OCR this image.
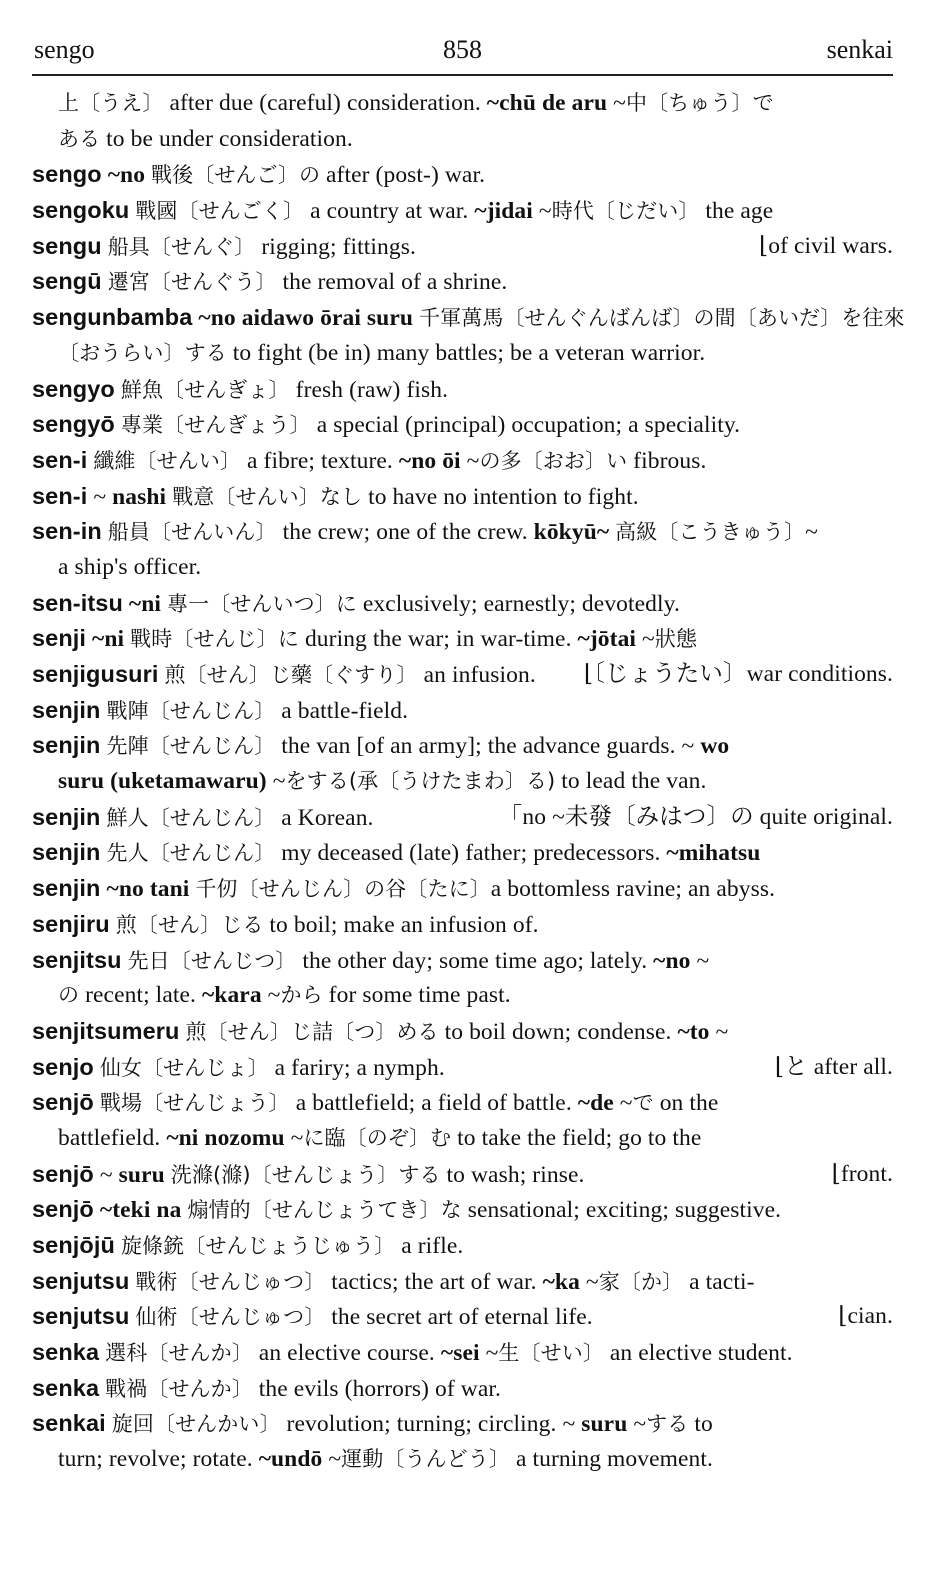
sengo	858	senkai
上〔うえ〕 after due (careful) consideration. ~chū de aru ~中〔ちゅう〕で
ある to be under consideration.
sengo ~no 戰後〔せんご〕の after (post-) war.
sengoku 戰國〔せんごく〕 a country at war. ~jidai ~時代〔じだい〕 the age
sengu 船具〔せんぐ〕 rigging; fittings.	⌊of civil wars.
sengū 遷宮〔せんぐう〕 the removal of a shrine.
sengunbamba ~no aidawo ōrai suru 千軍萬馬〔せんぐんばんば〕の間〔あいだ〕を往來
〔おうらい〕する to fight (be in) many battles; be a veteran warrior.
sengyo 鮮魚〔せんぎょ〕 fresh (raw) fish.
sengyō 專業〔せんぎょう〕 a special (principal) occupation; a speciality.
sen-i 纖維〔せんい〕 a fibre; texture. ~no ōi ~の多〔おお〕い fibrous.
sen-i ~ nashi 戰意〔せんい〕なし to have no intention to fight.
sen-in 船員〔せんいん〕 the crew; one of the crew. kōkyū~ 高級〔こうきゅう〕~
a ship's officer.
sen-itsu ~ni 專一〔せんいつ〕に exclusively; earnestly; devotedly.
senji ~ni 戰時〔せんじ〕に during the war; in war-time. ~jōtai ~狀態
senjigusuri 煎〔せん〕じ藥〔ぐすり〕 an infusion. ⌊〔じょうたい〕war conditions.
senjin 戰陣〔せんじん〕 a battle-field.
senjin 先陣〔せんじん〕 the van [of an army]; the advance guards. ~ wo
suru (uketamawaru) ~をする(承〔うけたまわ〕る) to lead the van.
senjin 鮮人〔せんじん〕 a Korean.	「no ~未發〔みはつ〕の quite original.
senjin 先人〔せんじん〕 my deceased (late) father; predecessors. ~mihatsu
senjin ~no tani 千仞〔せんじん〕の谷〔たに〕a bottomless ravine; an abyss.
senjiru 煎〔せん〕じる to boil; make an infusion of.
senjitsu 先日〔せんじつ〕 the other day; some time ago; lately. ~no ~
の recent; late. ~kara ~から for some time past.
senjitsumeru 煎〔せん〕じ詰〔つ〕める to boil down; condense. ~to ~
senjo 仙女〔せんじょ〕 a fariry; a nymph.	⌊と after all.
senjō 戰場〔せんじょう〕 a battlefield; a field of battle. ~de ~で on the
battlefield. ~ni nozomu ~に臨〔のぞ〕む to take the field; go to the
senjō ~ suru 洗滌(滌)〔せんじょう〕する to wash; rinse.	⌊front.
senjō ~teki na 煽情的〔せんじょうてき〕な sensational; exciting; suggestive.
senjōjū 旋條銃〔せんじょうじゅう〕 a rifle.
senjutsu 戰術〔せんじゅつ〕 tactics; the art of war. ~ka ~家〔か〕 a tacti-
senjutsu 仙術〔せんじゅつ〕 the secret art of eternal life.	⌊cian.
senka 選科〔せんか〕 an elective course. ~sei ~生〔せい〕 an elective student.
senka 戰禍〔せんか〕 the evils (horrors) of war.
senkai 旋回〔せんかい〕 revolution; turning; circling. ~ suru ~する to
turn; revolve; rotate. ~undō ~運動〔うんどう〕 a turning movement.
